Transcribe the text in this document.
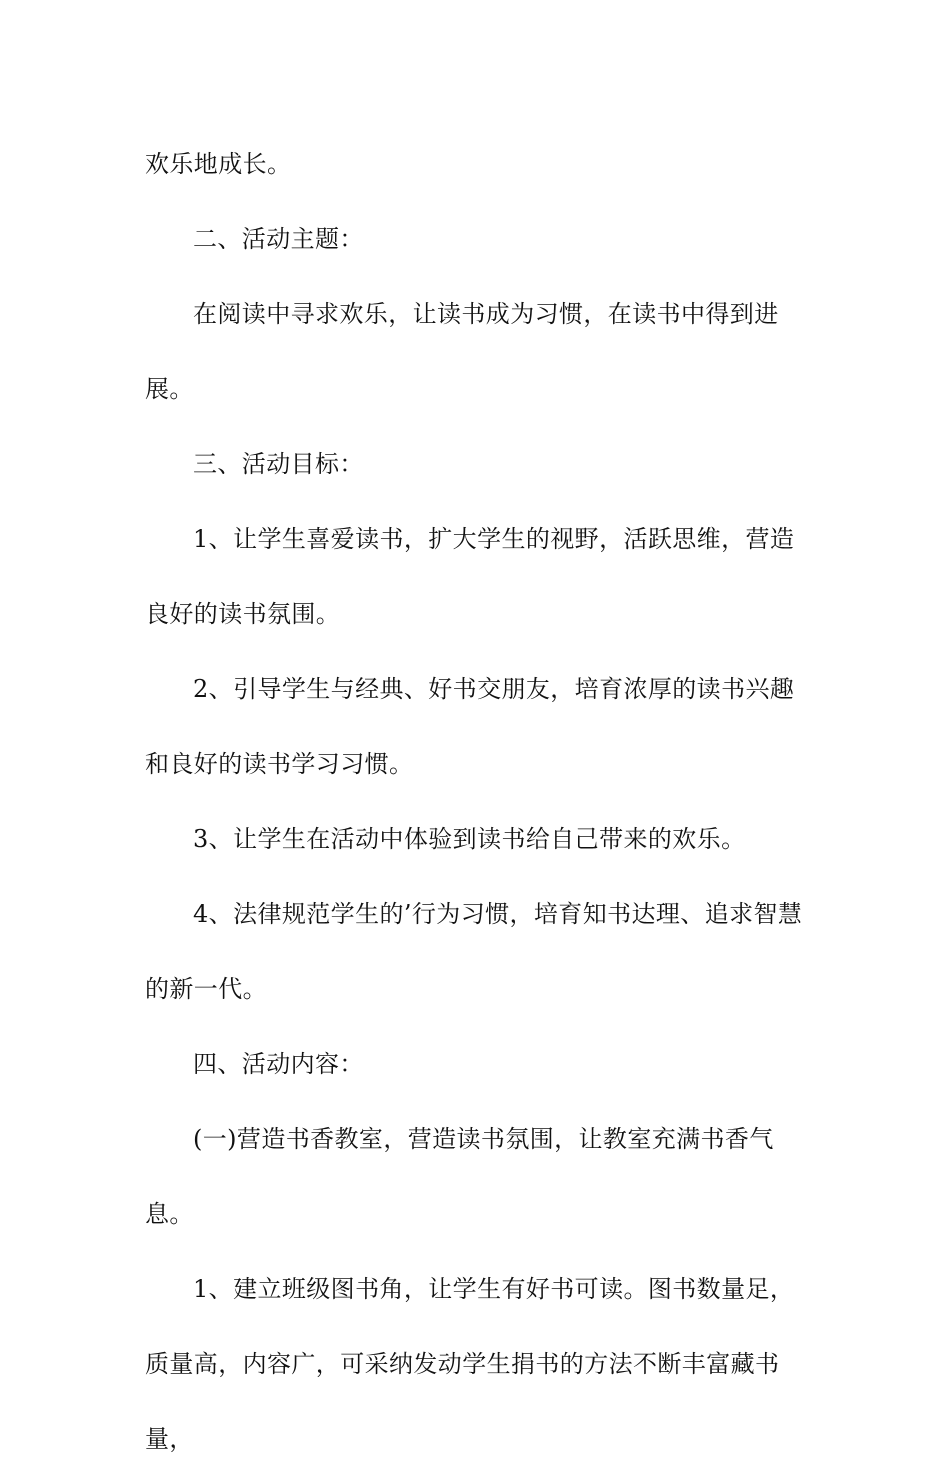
欢乐地成长。

二、活动主题：

在阅读中寻求欢乐，让读书成为习惯，在读书中得到进展。

三、活动目标：

1、让学生喜爱读书，扩大学生的视野，活跃思维，营造良好的读书氛围。

2、引导学生与经典、好书交朋友，培育浓厚的读书兴趣和良好的读书学习习惯。

3、让学生在活动中体验到读书给自己带来的欢乐。

4、法律规范学生的’行为习惯，培育知书达理、追求智慧的新一代。

四、活动内容：

(一)营造书香教室，营造读书氛围，让教室充满书香气息。

1、建立班级图书角，让学生有好书可读。图书数量足，质量高，内容广，可采纳发动学生捐书的方法不断丰富藏书量，
